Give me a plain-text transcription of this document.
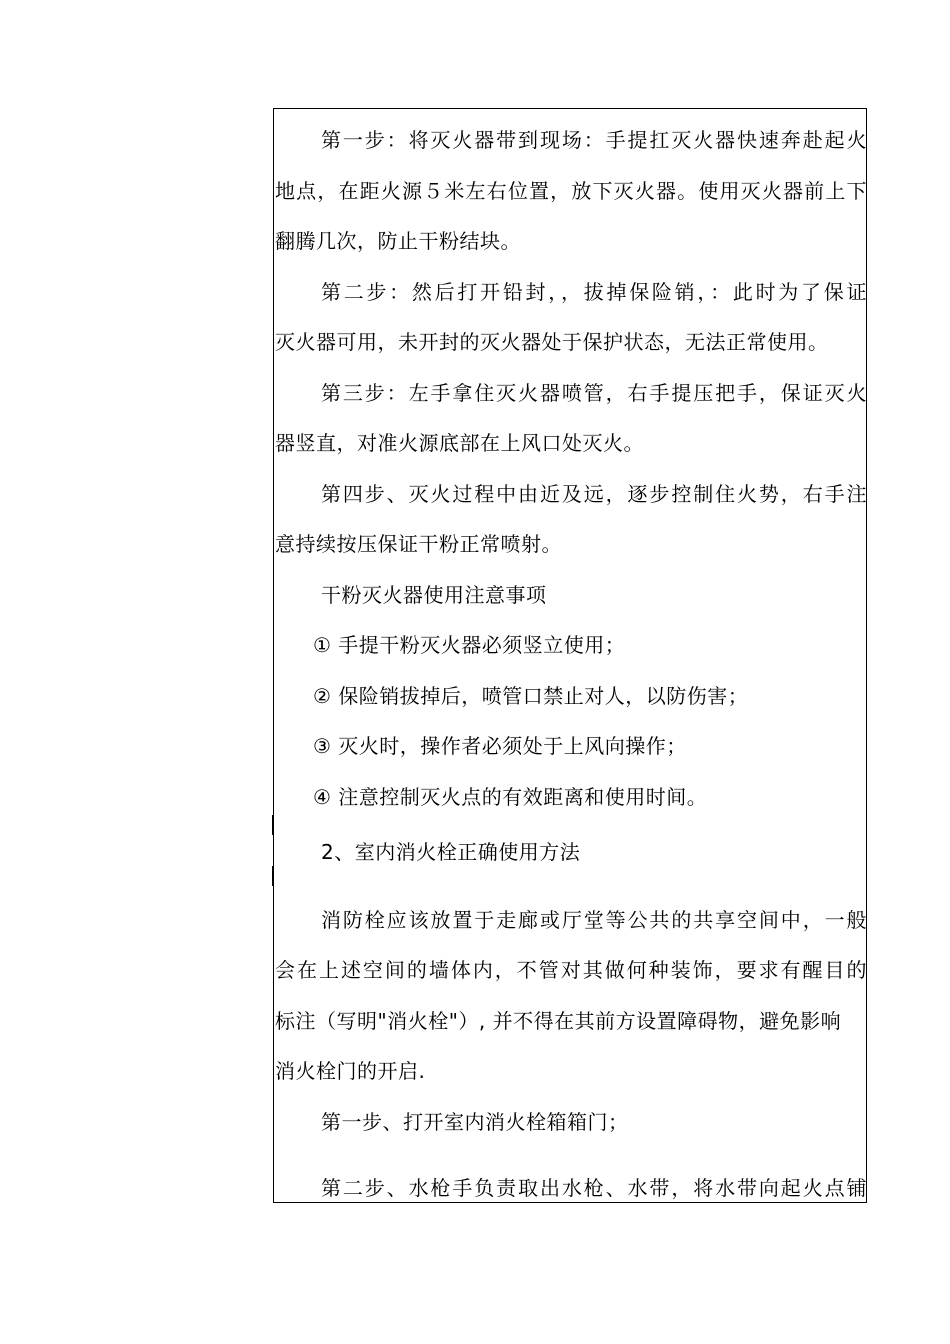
第一步：将灭火器带到现场：手提扛灭火器快速奔赴起火
地点，在距火源５米左右位置，放下灭火器。使用灭火器前上下
翻腾几次，防止干粉结块。
第二步：然后打开铅封，，拔掉保险销，：此时为了保证
灭火器可用，未开封的灭火器处于保护状态，无法正常使用。
第三步：左手拿住灭火器喷管，右手提压把手，保证灭火
器竖直，对准火源底部在上风口处灭火。
第四步、灭火过程中由近及远，逐步控制住火势，右手注
意持续按压保证干粉正常喷射。
干粉灭火器使用注意事项
① 手提干粉灭火器必须竖立使用；
② 保险销拔掉后，喷管口禁止对人，以防伤害；
③ 灭火时，操作者必须处于上风向操作；
④ 注意控制灭火点的有效距离和使用时间。
2、室内消火栓正确使用方法
消防栓应该放置于走廊或厅堂等公共的共享空间中，一般
会在上述空间的墙体内，不管对其做何种装饰，要求有醒目的
标注（写明"消火栓"）, 并不得在其前方设置障碍物，避免影响
消火栓门的开启.
第一步、打开室内消火栓箱箱门；
第二步、水枪手负责取出水枪、水带，将水带向起火点铺
